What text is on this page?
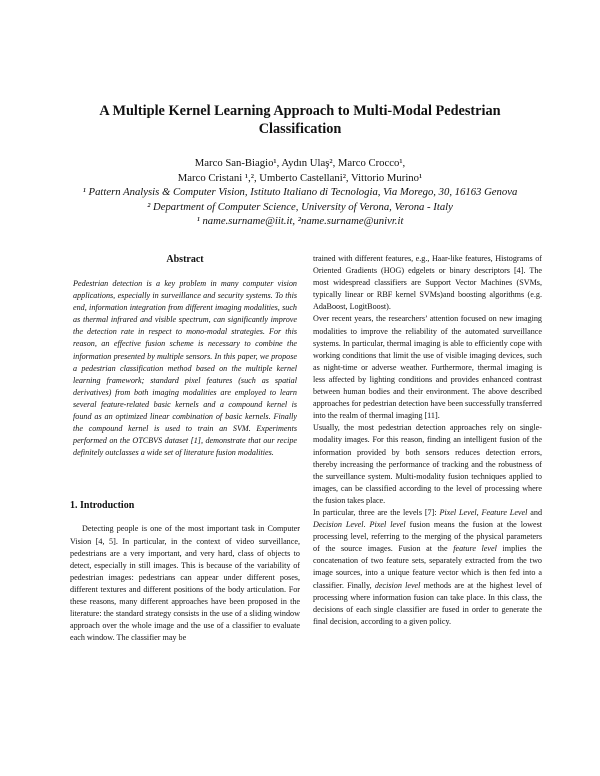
A Multiple Kernel Learning Approach to Multi-Modal Pedestrian Classification
Marco San-Biagio¹, Aydın Ulaş², Marco Crocco¹,
Marco Cristani ¹,², Umberto Castellani², Vittorio Murino¹
¹ Pattern Analysis & Computer Vision, Istituto Italiano di Tecnologia, Via Morego, 30, 16163 Genova
² Department of Computer Science, University of Verona, Verona - Italy
¹ name.surname@iit.it, ²name.surname@univr.it
Abstract

Pedestrian detection is a key problem in many computer vision applications, especially in surveillance and security systems. To this end, information integration from different imaging modalities, such as thermal infrared and visible spectrum, can significantly improve the detection rate in respect to mono-modal strategies. For this reason, an effective fusion scheme is necessary to combine the information presented by multiple sensors. In this paper, we propose a pedestrian classification method based on the multiple kernel learning framework; standard pixel features (such as spatial derivatives) from both imaging modalities are employed to learn several feature-related basic kernels and a compound kernel is found as an optimized linear combination of basic kernels. Finally the compound kernel is used to train an SVM. Experiments performed on the OTCBVS dataset [1], demonstrate that our recipe definitely outclasses a wide set of literature fusion modalities.

1. Introduction

Detecting people is one of the most important task in Computer Vision [4, 5]. In particular, in the context of video surveillance, pedestrians are a very important, and very hard, class of objects to detect, especially in still images. This is because of the variability of pedestrian images: pedestrians can appear under different poses, different textures and different positions of the body articulation. For these reasons, many different approaches have been proposed in the literature: the standard strategy consists in the use of a sliding window approach over the whole image and the use of a classifier to evaluate each window. The classifier may be

trained with different features, e.g., Haar-like features, Histograms of Oriented Gradients (HOG) edgelets or binary descriptors [4]. The most widespread classifiers are Support Vector Machines (SVMs, typically linear or RBF kernel SVMs)and boosting algorithms (e.g. AdaBoost, LogitBoost).

Over recent years, the researchers’ attention focused on new imaging modalities to improve the reliability of the automated surveillance systems. In particular, thermal imaging is able to efficiently cope with working conditions that limit the use of visible imaging devices, such as night-time or adverse weather. Furthermore, thermal imaging is less affected by lighting conditions and provides enhanced contrast between human bodies and their environment. The above described approaches for pedestrian detection have been successfully transferred into the realm of thermal imaging [11].

Usually, the most pedestrian detection approaches rely on single-modality images. For this reason, finding an intelligent fusion of the information provided by both sensors reduces detection errors, thereby increasing the performance of tracking and the robustness of the surveillance system. Multi-modality fusion techniques applied to images, can be classified according to the level of processing where the fusion takes place.

In particular, three are the levels [7]: Pixel Level, Feature Level and Decision Level. Pixel level fusion means the fusion at the lowest processing level, referring to the merging of the physical parameters of the source images. Fusion at the feature level implies the concatenation of two feature sets, separately extracted from the two image sources, into a unique feature vector which is then fed into a classifier. Finally, decision level methods are at the highest level of processing where information fusion can take place. In this class, the decisions of each single classifier are fused in order to generate the final decision, according to a given policy.
